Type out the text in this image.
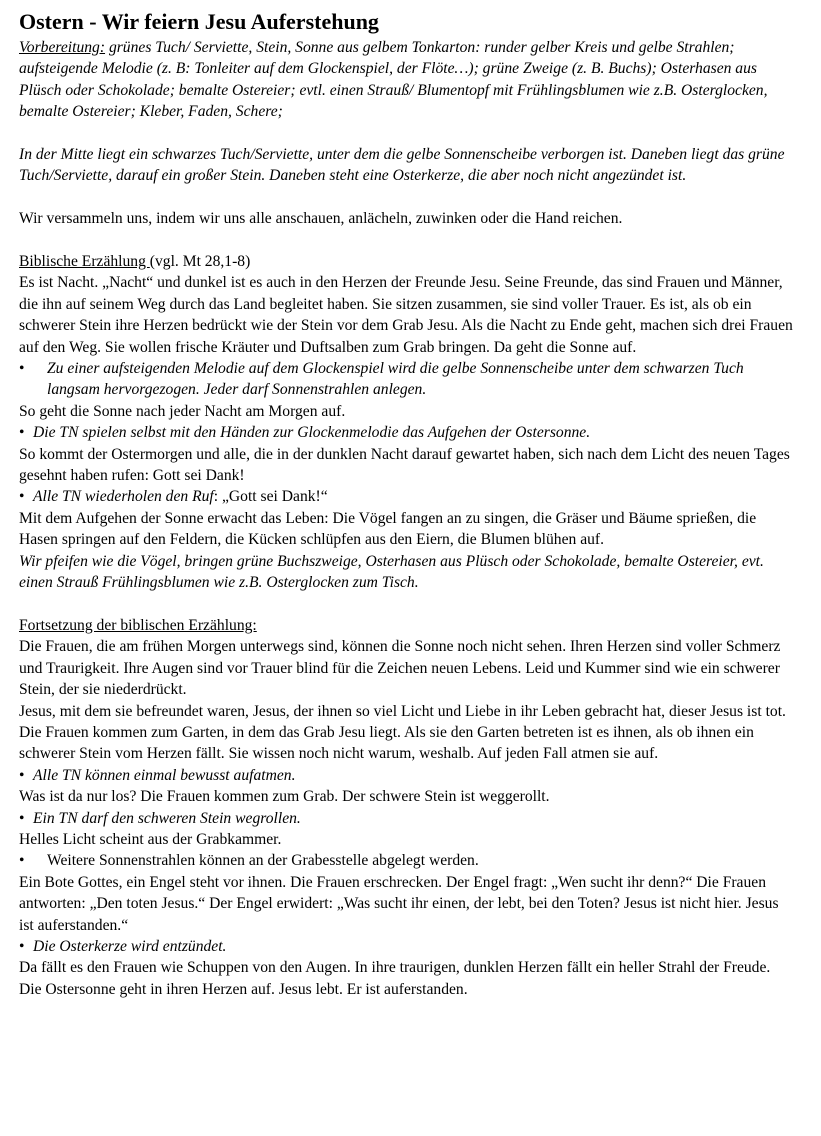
Ostern - Wir feiern Jesu Auferstehung

Vorbereitung: grünes Tuch/ Serviette, Stein, Sonne aus gelbem Tonkarton: runder gelber Kreis und gelbe Strahlen; aufsteigende Melodie (z. B: Tonleiter auf dem Glockenspiel, der Flöte…); grüne Zweige (z. B. Buchs); Osterhasen aus Plüsch oder Schokolade; bemalte Ostereier; evtl. einen Strauß/ Blumentopf mit Frühlingsblumen wie z.B. Osterglocken, bemalte Ostereier; Kleber, Faden, Schere;

In der Mitte liegt ein schwarzes Tuch/Serviette, unter dem die gelbe Sonnenscheibe verborgen ist. Daneben liegt das grüne Tuch/Serviette, darauf ein großer Stein. Daneben steht eine Osterkerze, die aber noch nicht angezündet ist.

Wir versammeln uns, indem wir uns alle anschauen, anlächeln, zuwinken oder die Hand reichen.

Biblische Erzählung (vgl. Mt 28,1-8)

Es ist Nacht. „Nacht“ und dunkel ist es auch in den Herzen der Freunde Jesu. Seine Freunde, das sind Frauen und Männer, die ihn auf seinem Weg durch das Land begleitet haben. Sie sitzen zusammen, sie sind voller Trauer. Es ist, als ob ein schwerer Stein ihre Herzen bedrückt wie der Stein vor dem Grab Jesu. Als die Nacht zu Ende geht, machen sich drei Frauen auf den Weg. Sie wollen frische Kräuter und Duftsalben zum Grab bringen. Da geht die Sonne auf.

•	Zu einer aufsteigenden Melodie auf dem Glockenspiel wird die gelbe Sonnenscheibe unter dem schwarzen Tuch langsam hervorgezogen. Jeder darf Sonnenstrahlen anlegen.

So geht die Sonne nach jeder Nacht am Morgen auf.

• Die TN spielen selbst mit den Händen zur Glockenmelodie das Aufgehen der Ostersonne.

So kommt der Ostermorgen und alle, die in der dunklen Nacht darauf gewartet haben, sich nach dem Licht des neuen Tages gesehnt haben rufen: Gott sei Dank!

• Alle TN wiederholen den Ruf: „Gott sei Dank!“

Mit dem Aufgehen der Sonne erwacht das Leben: Die Vögel fangen an zu singen, die Gräser und Bäume sprießen, die Hasen springen auf den Feldern, die Kücken schlüpfen aus den Eiern, die Blumen blühen auf.

Wir pfeifen wie die Vögel, bringen grüne Buchszweige, Osterhasen aus Plüsch oder Schokolade, bemalte Ostereier, evt.

einen Strauß Frühlingsblumen wie z.B. Osterglocken zum Tisch.

Fortsetzung der biblischen Erzählung:

Die Frauen, die am frühen Morgen unterwegs sind, können die Sonne noch nicht sehen. Ihren Herzen sind voller Schmerz und Traurigkeit. Ihre Augen sind vor Trauer blind für die Zeichen neuen Lebens. Leid und Kummer sind wie ein schwerer Stein, der sie niederdrückt.

Jesus, mit dem sie befreundet waren, Jesus, der ihnen so viel Licht und Liebe in ihr Leben gebracht hat, dieser Jesus ist tot.

Die Frauen kommen zum Garten, in dem das Grab Jesu liegt. Als sie den Garten betreten ist es ihnen, als ob ihnen ein schwerer Stein vom Herzen fällt. Sie wissen noch nicht warum, weshalb. Auf jeden Fall atmen sie auf.

• Alle TN können einmal bewusst aufatmen.

Was ist da nur los? Die Frauen kommen zum Grab. Der schwere Stein ist weggerollt.

• Ein TN darf den schweren Stein wegrollen.

Helles Licht scheint aus der Grabkammer.

•	Weitere Sonnenstrahlen können an der Grabesstelle abgelegt werden.

Ein Bote Gottes, ein Engel steht vor ihnen. Die Frauen erschrecken. Der Engel fragt: „Wen sucht ihr denn?“ Die Frauen antworten: „Den toten Jesus.“ Der Engel erwidert: „Was sucht ihr einen, der lebt, bei den Toten? Jesus ist nicht hier. Jesus ist auferstanden.“

• Die Osterkerze wird entzündet.

Da fällt es den Frauen wie Schuppen von den Augen. In ihre traurigen, dunklen Herzen fällt ein heller Strahl der Freude. Die Ostersonne geht in ihren Herzen auf. Jesus lebt. Er ist auferstanden.
